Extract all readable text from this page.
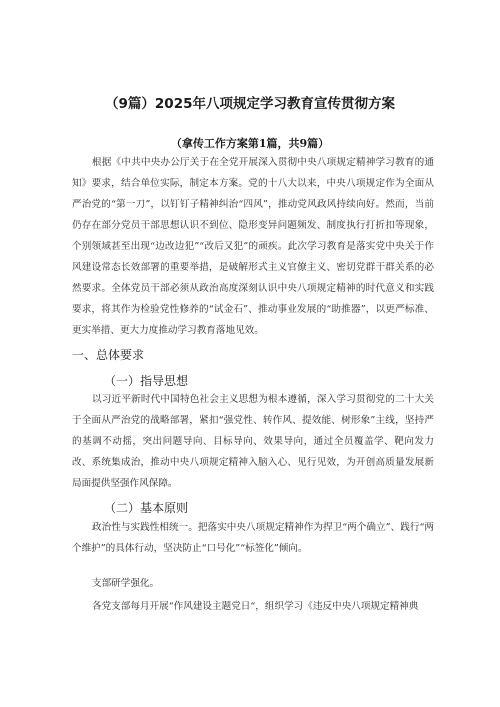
（9篇）2025年八项规定学习教育宣传贯彻方案
（拿传工作方案第1篇，共9篇）

根据《中共中央办公厅关于在全党开展深入贯彻中央八项规定精神学习教育的通知》要求，结合单位实际，制定本方案。党的十八大以来，中央八项规定作为全面从严治党的“第一刀”，以钉钉子精神纠治“四风”，推动党风政风持续向好。然而，当前仍存在部分党员干部思想认识不到位、隐形变异问题频发、制度执行打折扣等现象，个别领域甚至出现“边改边犯”“改后又犯”的顽疾。此次学习教育是落实党中央关于作风建设常态长效部署的重要举措，是破解形式主义官僚主义、密切党群干群关系的必然要求。全体党员干部必须从政治高度深刻认识中央八项规定精神的时代意义和实践要求，将其作为检验党性修养的“试金石”、推动事业发展的“助推器”，以更严标准、更实举措、更大力度推动学习教育落地见效。

一、总体要求
（一）指导思想

以习近平新时代中国特色社会主义思想为根本遵循，深入学习贯彻党的二十大关于全面从严治党的战略部署，紧扣“强党性、转作风、提效能、树形象”主线，坚持严的基调不动摇，突出问题导向、目标导向、效果导向，通过全员覆盖学、靶向发力改、系统集成治，推动中央八项规定精神入脑入心、见行见效，为开创高质量发展新局面提供坚强作风保障。

（二）基本原则

政治性与实践性相统一。把落实中央八项规定精神作为捍卫“两个确立”、践行“两个维护”的具体行动，坚决防止“口号化”“标签化”倾向。

支部研学强化。

各党支部每月开展“作风建设主题党日“，组织学习《违反中央八项规定精神典
